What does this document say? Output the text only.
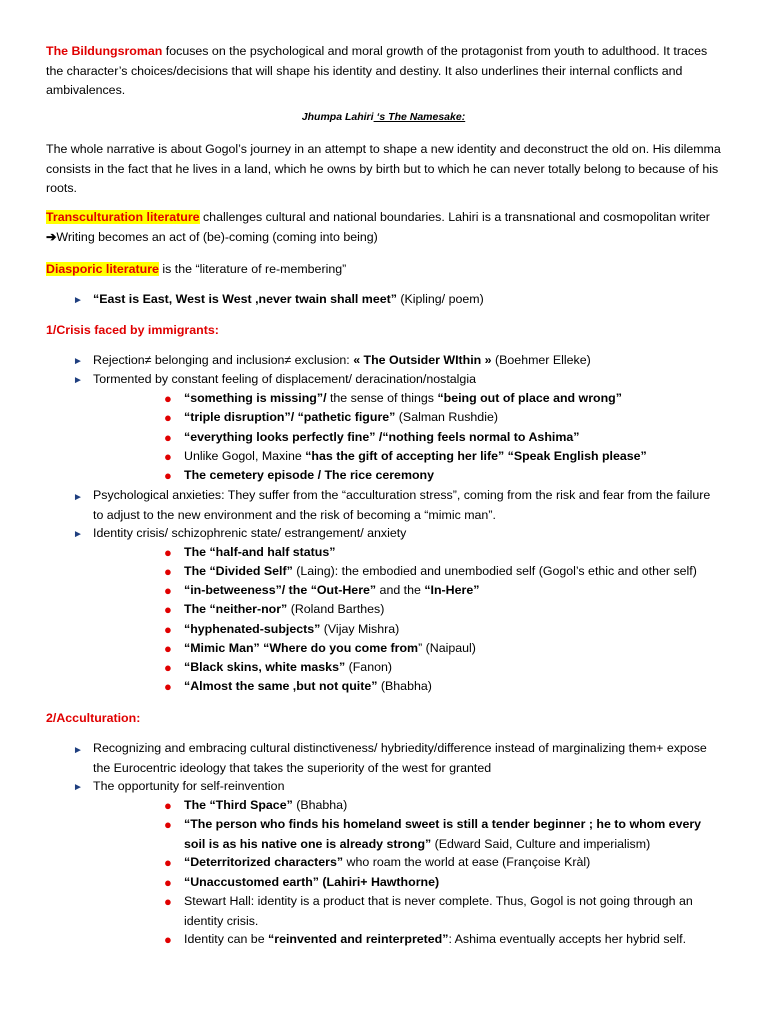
The Bildungsroman focuses on the psychological and moral growth of the protagonist from youth to adulthood. It traces the character’s choices/decisions that will shape his identity and destiny. It also underlines their internal conflicts and ambivalences.

Jhumpa Lahiri ‘s The Namesake:

The whole narrative is about Gogol’s journey in an attempt to shape a new identity and deconstruct the old on. His dilemma consists in the fact that he lives in a land, which he owns by birth but to which he can never totally belong to because of his roots.

Transculturation literature challenges cultural and national boundaries. Lahiri is a transnational and cosmopolitan writer ➔Writing becomes an act of (be)-coming (coming into being)

Diasporic literature is the “literature of re-membering”

► “East is East, West is West ,never twain shall meet” (Kipling/ poem)

1/Crisis faced by immigrants:

► Rejection≠ belonging and inclusion≠ exclusion: « The Outsider WIthin » (Boehmer Elleke)

► Tormented by constant feeling of displacement/ deracination/nostalgia

● “something is missing”/ the sense of things “being out of place and wrong”

● “triple disruption”/ “pathetic figure” (Salman Rushdie)

● “everything looks perfectly fine” /“nothing feels normal to Ashima”

● Unlike Gogol, Maxine “has the gift of accepting her life” “Speak English please”

● The cemetery episode / The rice ceremony

Psychological anxieties: They suffer from the “acculturation stress”, coming from the risk and fear from the failure to adjust to the new environment and the risk of becoming a “mimic man”.

►

► Identity crisis/ schizophrenic state/ estrangement/ anxiety

● The “half-and half status”

● The “Divided Self” (Laing): the embodied and unembodied self (Gogol’s ethic and other self)

● “in-betweeness”/ the “Out-Here” and the “In-Here”

● The “neither-nor” (Roland Barthes)

● “hyphenated-subjects” (Vijay Mishra)

● “Mimic Man” “Where do you come from” (Naipaul)

● “Black skins, white masks” (Fanon)

● “Almost the same ,but not quite” (Bhabha)

2/Acculturation:

Recognizing and embracing cultural distinctiveness/ hybriedity/difference instead of marginalizing them+ expose the Eurocentric ideology that takes the superiority of the west for granted

►

► The opportunity for self-reinvention

● The “Third Space” (Bhabha)

● “The person who finds his homeland sweet is still a tender beginner ; he to whom every soil is as his native one is already strong” (Edward Said, Culture and imperialism)

● “Deterritorized characters” who roam the world at ease (Françoise Kràl)

● “Unaccustomed earth” (Lahiri+ Hawthorne)

● Stewart Hall: identity is a product that is never complete. Thus, Gogol is not going through an identity crisis.

● Identity can be “reinvented and reinterpreted”: Ashima eventually accepts her hybrid self.
